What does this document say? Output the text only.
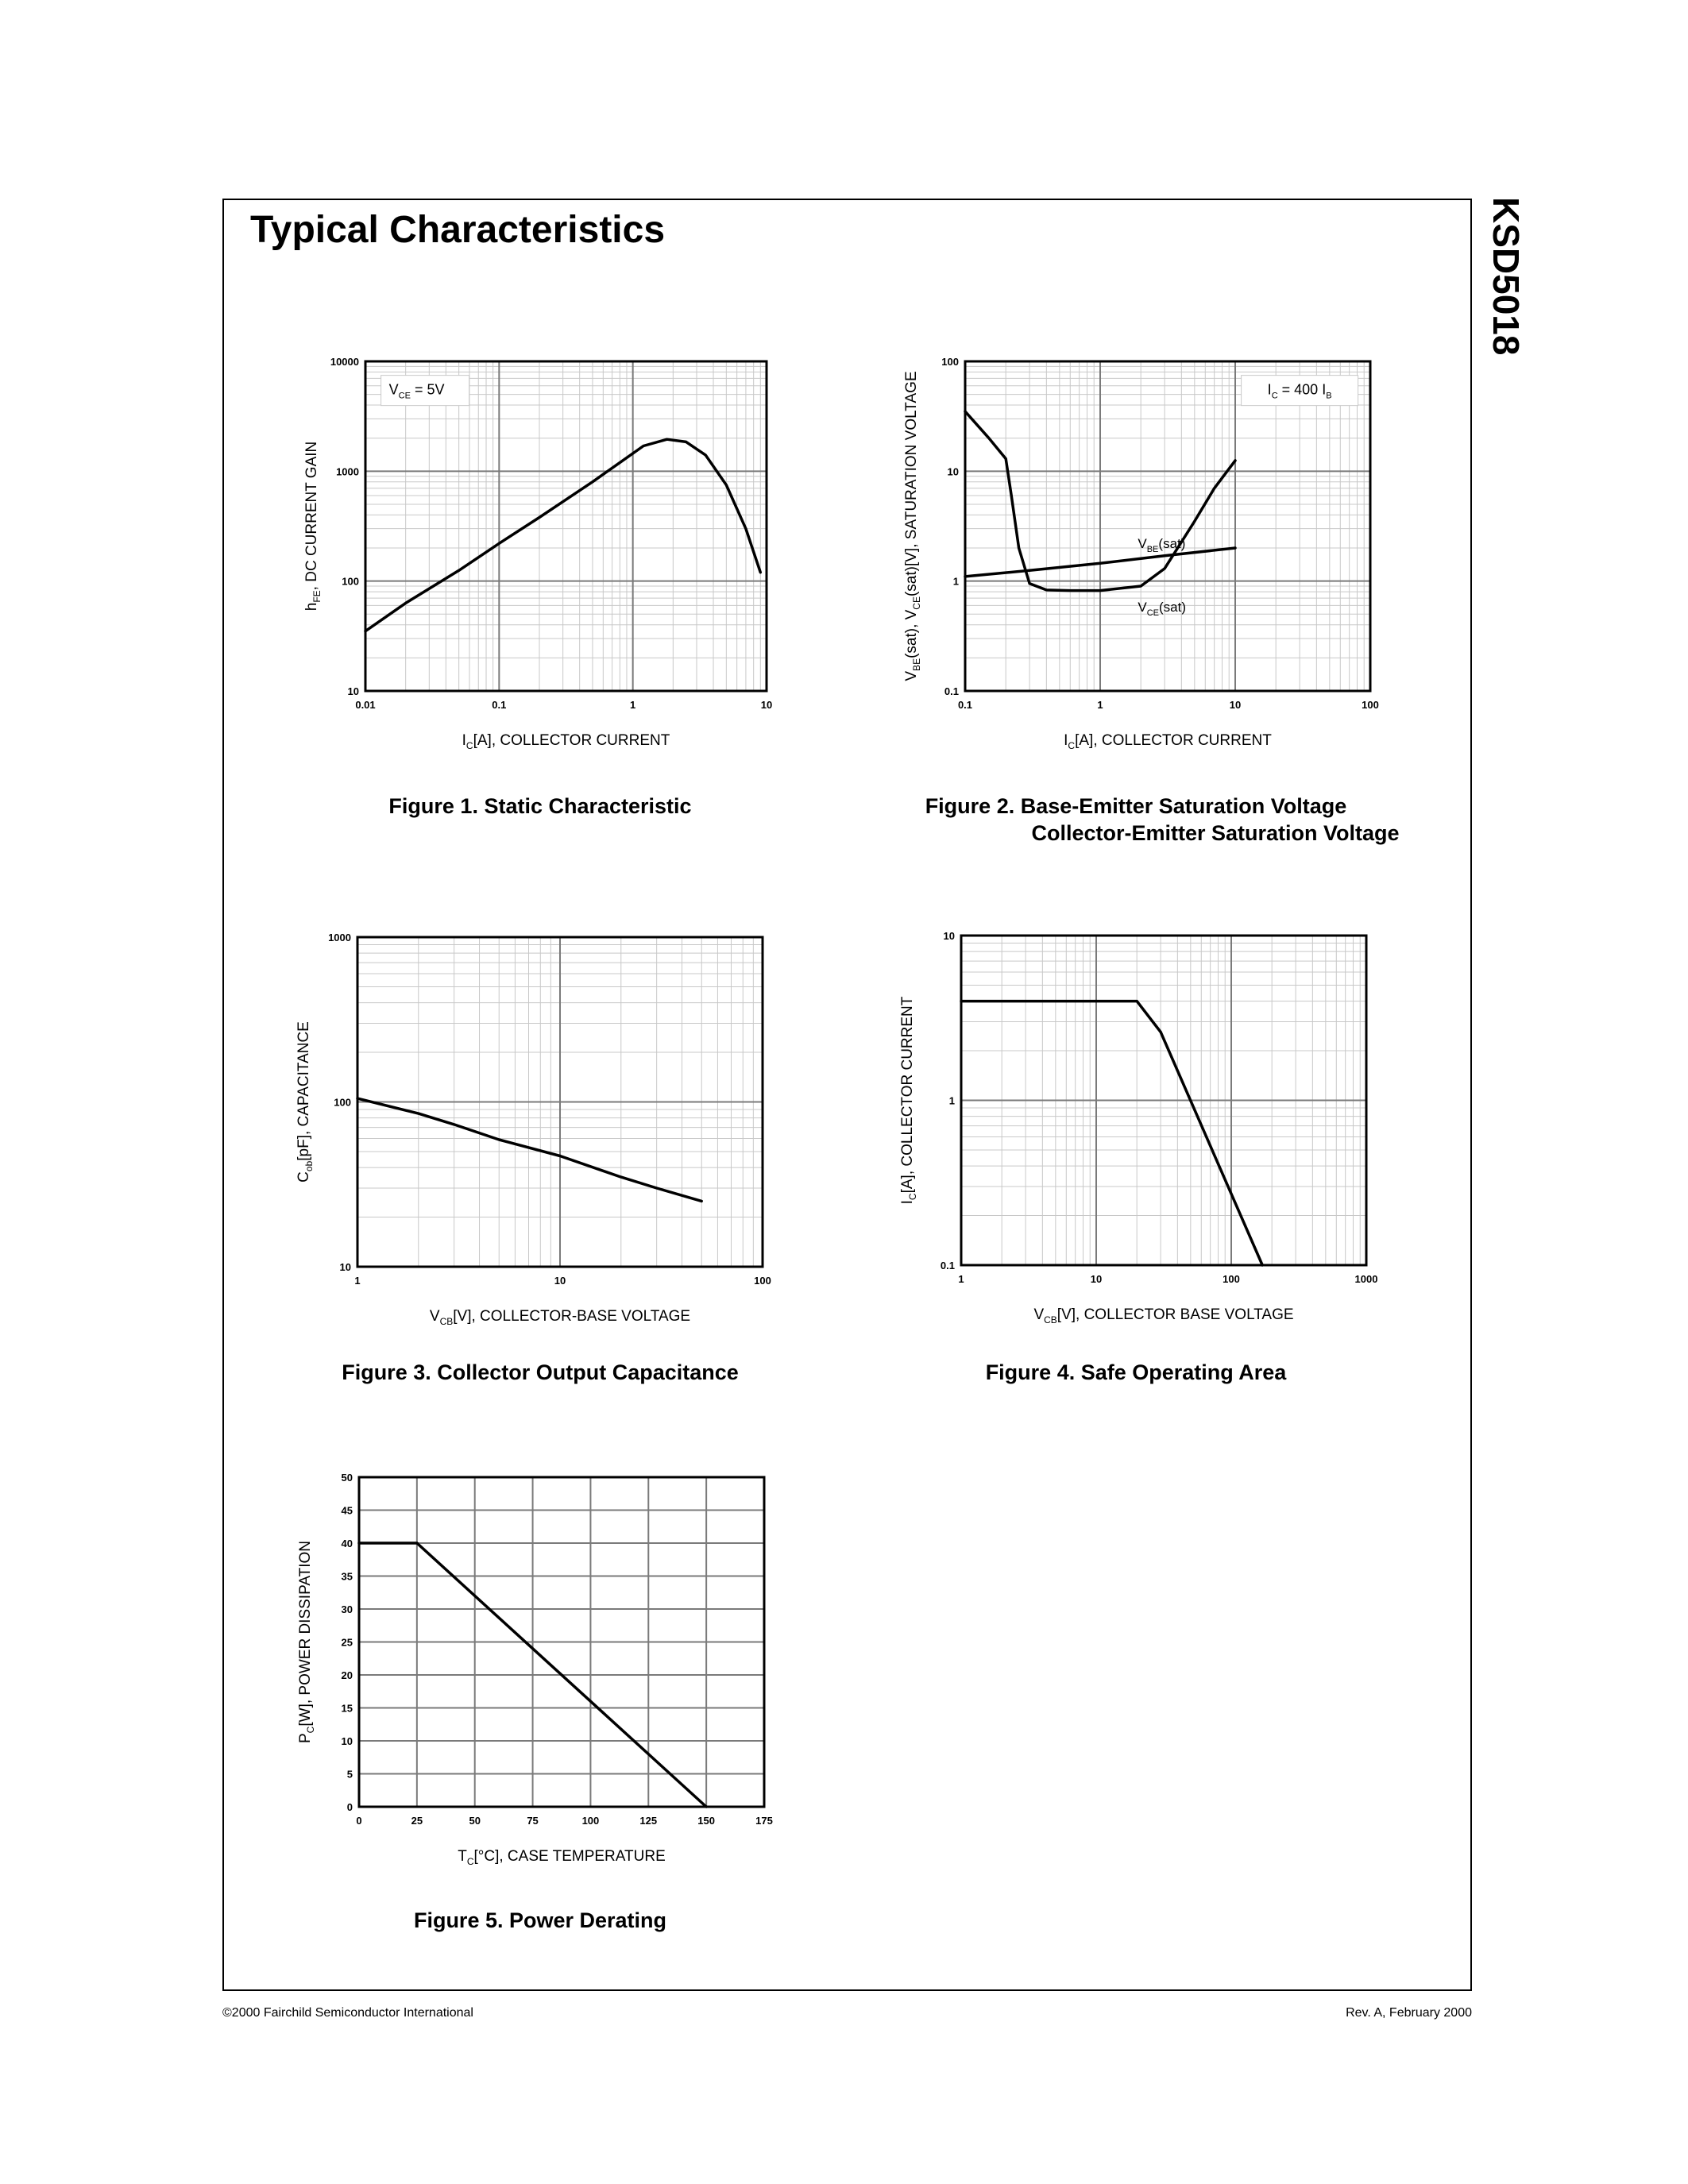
Typical Characteristics	KSD5018
0.01	0.1	1	10
10
100
1000
10000
$I_C[A]$, COLLECTOR CURRENT
$h_{FE}$, DC CURRENT GAIN
$V_{CE} = 5V$
Figure 1. Static Characteristic
0.1	1	10	100
0.1
1
10
100
$I_C[A]$, COLLECTOR CURRENT
$V_{BE}(sat)$, $V_{CE}(sat)[V]$, SATURATION VOLTAGE	$I_C = 400$ $I_B$
$V_{BE}(sat)$
$V_{CE}(sat)$
Figure 2. Base-Emitter Saturation Voltage
Collector-Emitter Saturation Voltage
1	10	100
10
100
1000
$V_{CB}[V]$, COLLECTOR-BASE VOLTAGE
$C_{ob}[pF]$, CAPACITANCE
Figure 3. Collector Output Capacitance
1	10	100	1000
0.1
1
10
$V_{CB}[V]$, COLLECTOR BASE VOLTAGE
$I_C[A]$, COLLECTOR CURRENT
Figure 4. Safe Operating Area
0	25	50	75	100	125	150	175
0
5
10
15
20
25
30
35
40
45
50
$T_C[^\circ C]$, CASE TEMPERATURE
$P_C[W]$, POWER DISSIPATION
Figure 5. Power Derating
©2000 Fairchild Semiconductor International	Rev. A, February 2000
